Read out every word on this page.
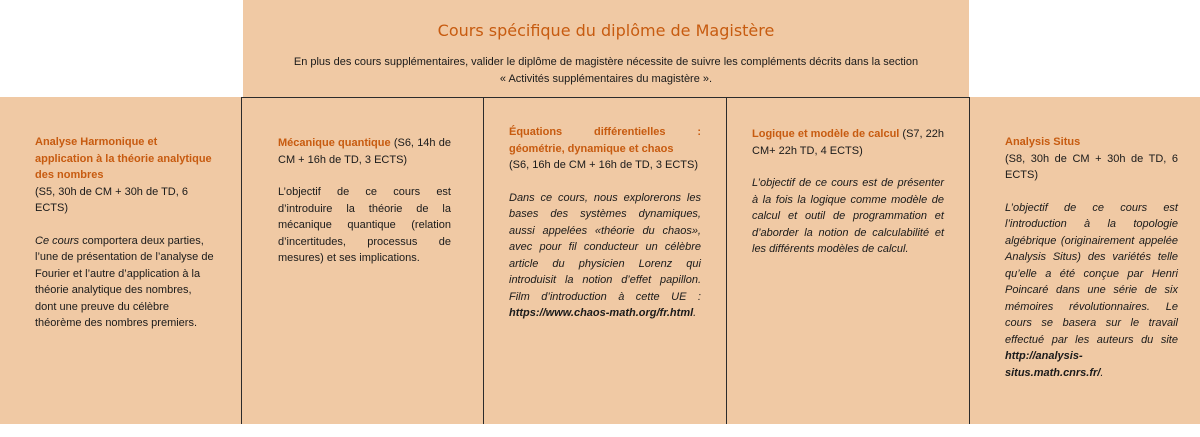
Cours spécifique du diplôme de Magistère
En plus des cours supplémentaires, valider le diplôme de magistère nécessite de suivre les compléments décrits dans la section
« Activités supplémentaires du magistère ».

Analyse Harmonique et application à la théorie analytique des nombres

(S5, 30h de CM + 30h de TD, 6 ECTS)

Ce cours comportera deux parties, l’une de présentation de l’analyse de Fourier et l’autre d’application à la théorie analytique des nombres, dont une preuve du célèbre théorème des nombres premiers.

Mécanique quantique (S6, 14h de CM + 16h de TD, 3 ECTS)

L’objectif de ce cours est d’introduire la théorie de la mécanique quantique (relation d’incertitudes, processus de mesures) et ses implications.

Équations différentielles : géométrie, dynamique et chaos

(S6, 16h de CM + 16h de TD, 3 ECTS)

Dans ce cours, nous explorerons les bases des systèmes dynamiques, aussi appelées «théorie du chaos», avec pour fil conducteur un célèbre article du physicien Lorenz qui introduisit la notion d’effet papillon. Film d’introduction à cette UE : https://www.chaos-math.org/fr.html.

Logique et modèle de calcul (S7, 22h CM+ 22h TD, 4 ECTS)

L’objectif de ce cours est de présenter à la fois la logique comme modèle de calcul et outil de programmation et d’aborder la notion de calculabilité et les différents modèles de calcul.

Analysis Situs

(S8, 30h de CM + 30h de TD, 6 ECTS)

L’objectif de ce cours est l’introduction à la topologie algébrique (originairement appelée Analysis Situs) des variétés telle qu’elle a été conçue par Henri Poincaré dans une série de six mémoires révolutionnaires. Le cours se basera sur le travail effectué par les auteurs du site http://analysis-situs.math.cnrs.fr/.
